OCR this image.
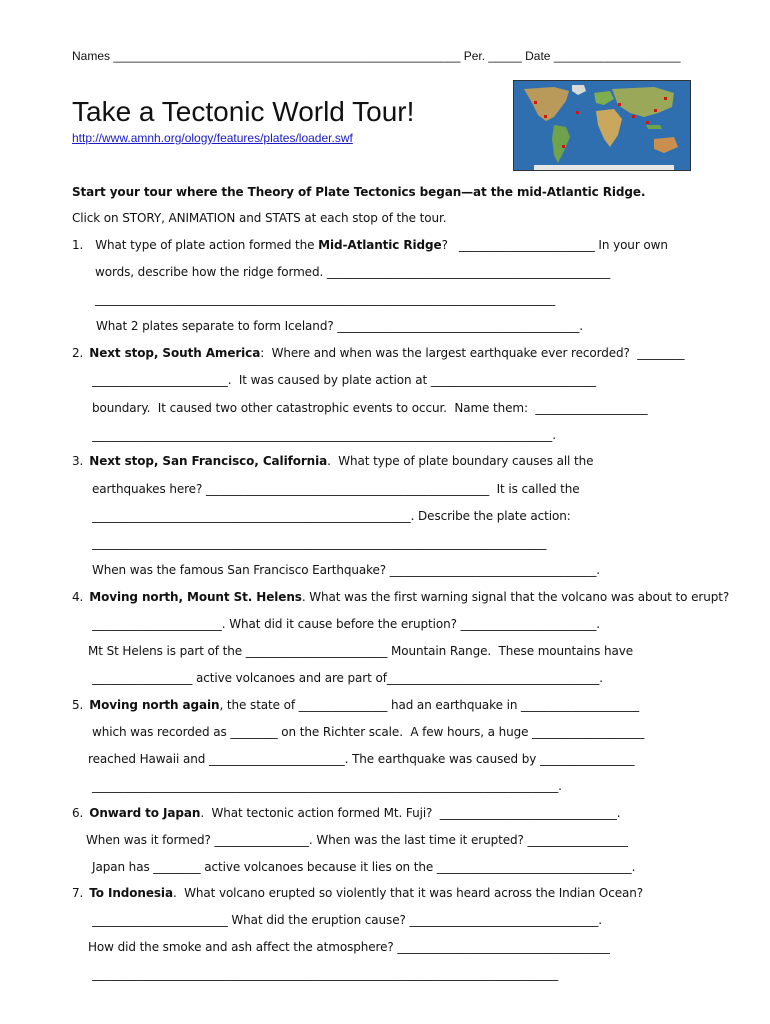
Names ____________________________________________________ Per. _____ Date ___________________
Take a Tectonic World Tour!
http://www.amnh.org/ology/features/plates/loader.swf
Start your tour where the Theory of Plate Tectonics began—at the mid-Atlantic Ridge.
Click on STORY, ANIMATION and STATS at each stop of the tour.
1. What type of plate action formed the Mid-Atlantic Ridge?   _______________________ In your own
words, describe how the ridge formed. ________________________________________________
______________________________________________________________________________
What 2 plates separate to form Iceland? _________________________________________.
2. Next stop, South America:  Where and when was the largest earthquake ever recorded?  ________
_______________________.  It was caused by plate action at ____________________________
boundary.  It caused two other catastrophic events to occur.  Name them:  ___________________
______________________________________________________________________________.
3. Next stop, San Francisco, California.  What type of plate boundary causes all the
earthquakes here? ________________________________________________  It is called the
______________________________________________________. Describe the plate action:
_____________________________________________________________________________
When was the famous San Francisco Earthquake? ___________________________________.
4. Moving north, Mount St. Helens. What was the first warning signal that the volcano was about to erupt?
______________________. What did it cause before the eruption? _______________________.
Mt St Helens is part of the ________________________ Mountain Range.  These mountains have
_________________ active volcanoes and are part of____________________________________.
5. Moving north again, the state of _______________ had an earthquake in ____________________
which was recorded as ________ on the Richter scale.  A few hours, a huge ___________________
reached Hawaii and _______________________. The earthquake was caused by ________________
_______________________________________________________________________________.
6. Onward to Japan.  What tectonic action formed Mt. Fuji?  ______________________________.
When was it formed? ________________. When was the last time it erupted? _________________
Japan has ________ active volcanoes because it lies on the _________________________________.
7. To Indonesia.  What volcano erupted so violently that it was heard across the Indian Ocean?
_______________________ What did the eruption cause? ________________________________.
How did the smoke and ash affect the atmosphere? ____________________________________
_______________________________________________________________________________
